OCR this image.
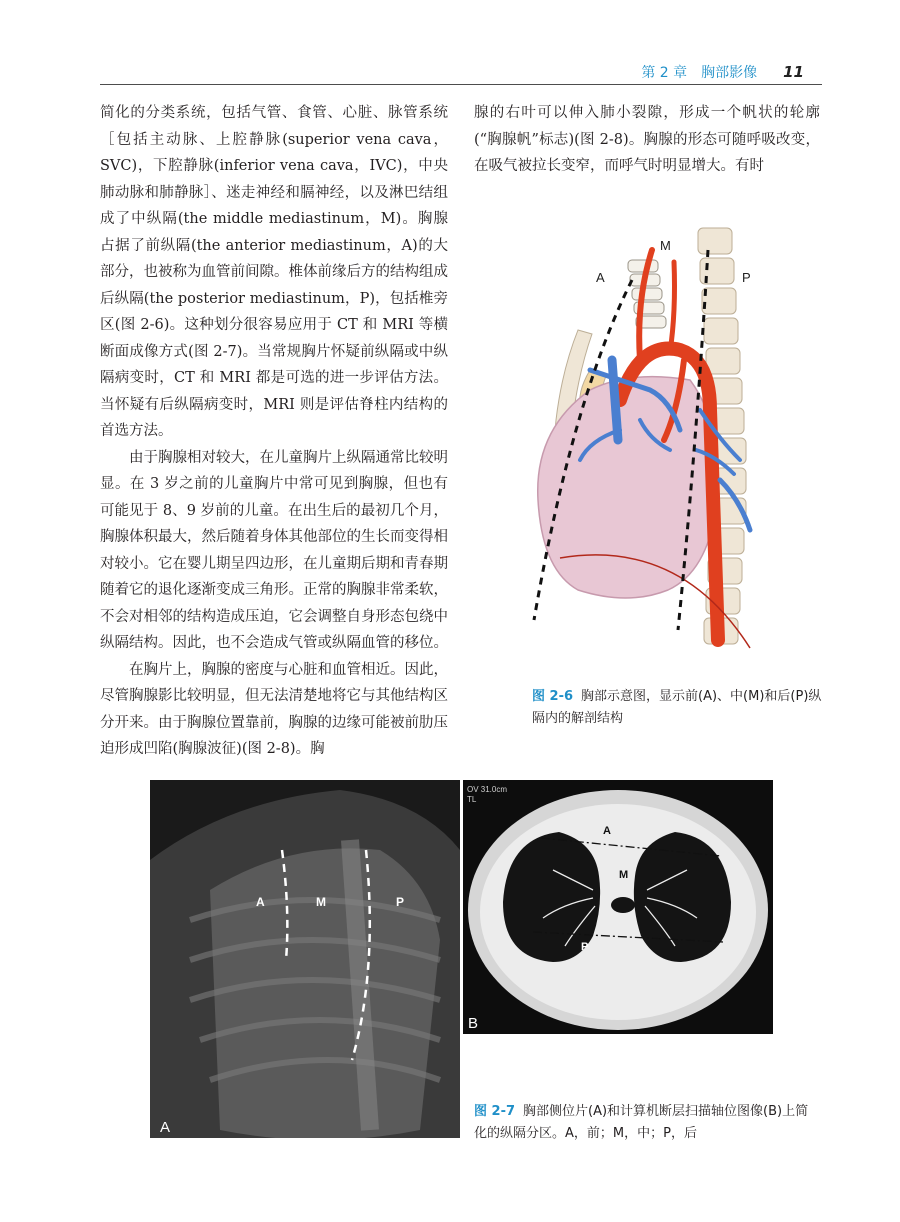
第 2 章　胸部影像 11

简化的分类系统，包括气管、食管、心脏、脉管系统［包括主动脉、上腔静脉(superior vena cava，SVC)，下腔静脉(inferior vena cava，IVC)，中央肺动脉和肺静脉］、迷走神经和膈神经，以及淋巴结组成了中纵隔(the middle mediastinum，M)。胸腺占据了前纵隔(the anterior mediastinum，A)的大部分，也被称为血管前间隙。椎体前缘后方的结构组成后纵隔(the posterior mediastinum，P)，包括椎旁区(图 2-6)。这种划分很容易应用于 CT 和 MRI 等横断面成像方式(图 2-7)。当常规胸片怀疑前纵隔或中纵隔病变时，CT 和 MRI 都是可选的进一步评估方法。当怀疑有后纵隔病变时，MRI 则是评估脊柱内结构的首选方法。

由于胸腺相对较大，在儿童胸片上纵隔通常比较明显。在 3 岁之前的儿童胸片中常可见到胸腺，但也有可能见于 8、9 岁前的儿童。在出生后的最初几个月，胸腺体积最大，然后随着身体其他部位的生长而变得相对较小。它在婴儿期呈四边形，在儿童期后期和青春期随着它的退化逐渐变成三角形。正常的胸腺非常柔软，不会对相邻的结构造成压迫，它会调整自身形态包绕中纵隔结构。因此，也不会造成气管或纵隔血管的移位。

在胸片上，胸腺的密度与心脏和血管相近。因此，尽管胸腺影比较明显，但无法清楚地将它与其他结构区分开来。由于胸腺位置靠前，胸腺的边缘可能被前肋压迫形成凹陷(胸腺波征)(图 2-8)。胸

腺的右叶可以伸入肺小裂隙，形成一个帆状的轮廓(“胸腺帆”标志)(图 2-8)。胸腺的形态可随呼吸改变，在吸气被拉长变窄，而呼气时明显增大。有时

M
A	P
图 2-6 胸部示意图，显示前(A)、中(M)和后(P)纵隔内的解剖结构
A	M	P
A
A
M
P
OV 31.0cm
TL
B
图 2-7 胸部侧位片(A)和计算机断层扫描轴位图像(B)上简化的纵隔分区。A，前；M，中；P，后
